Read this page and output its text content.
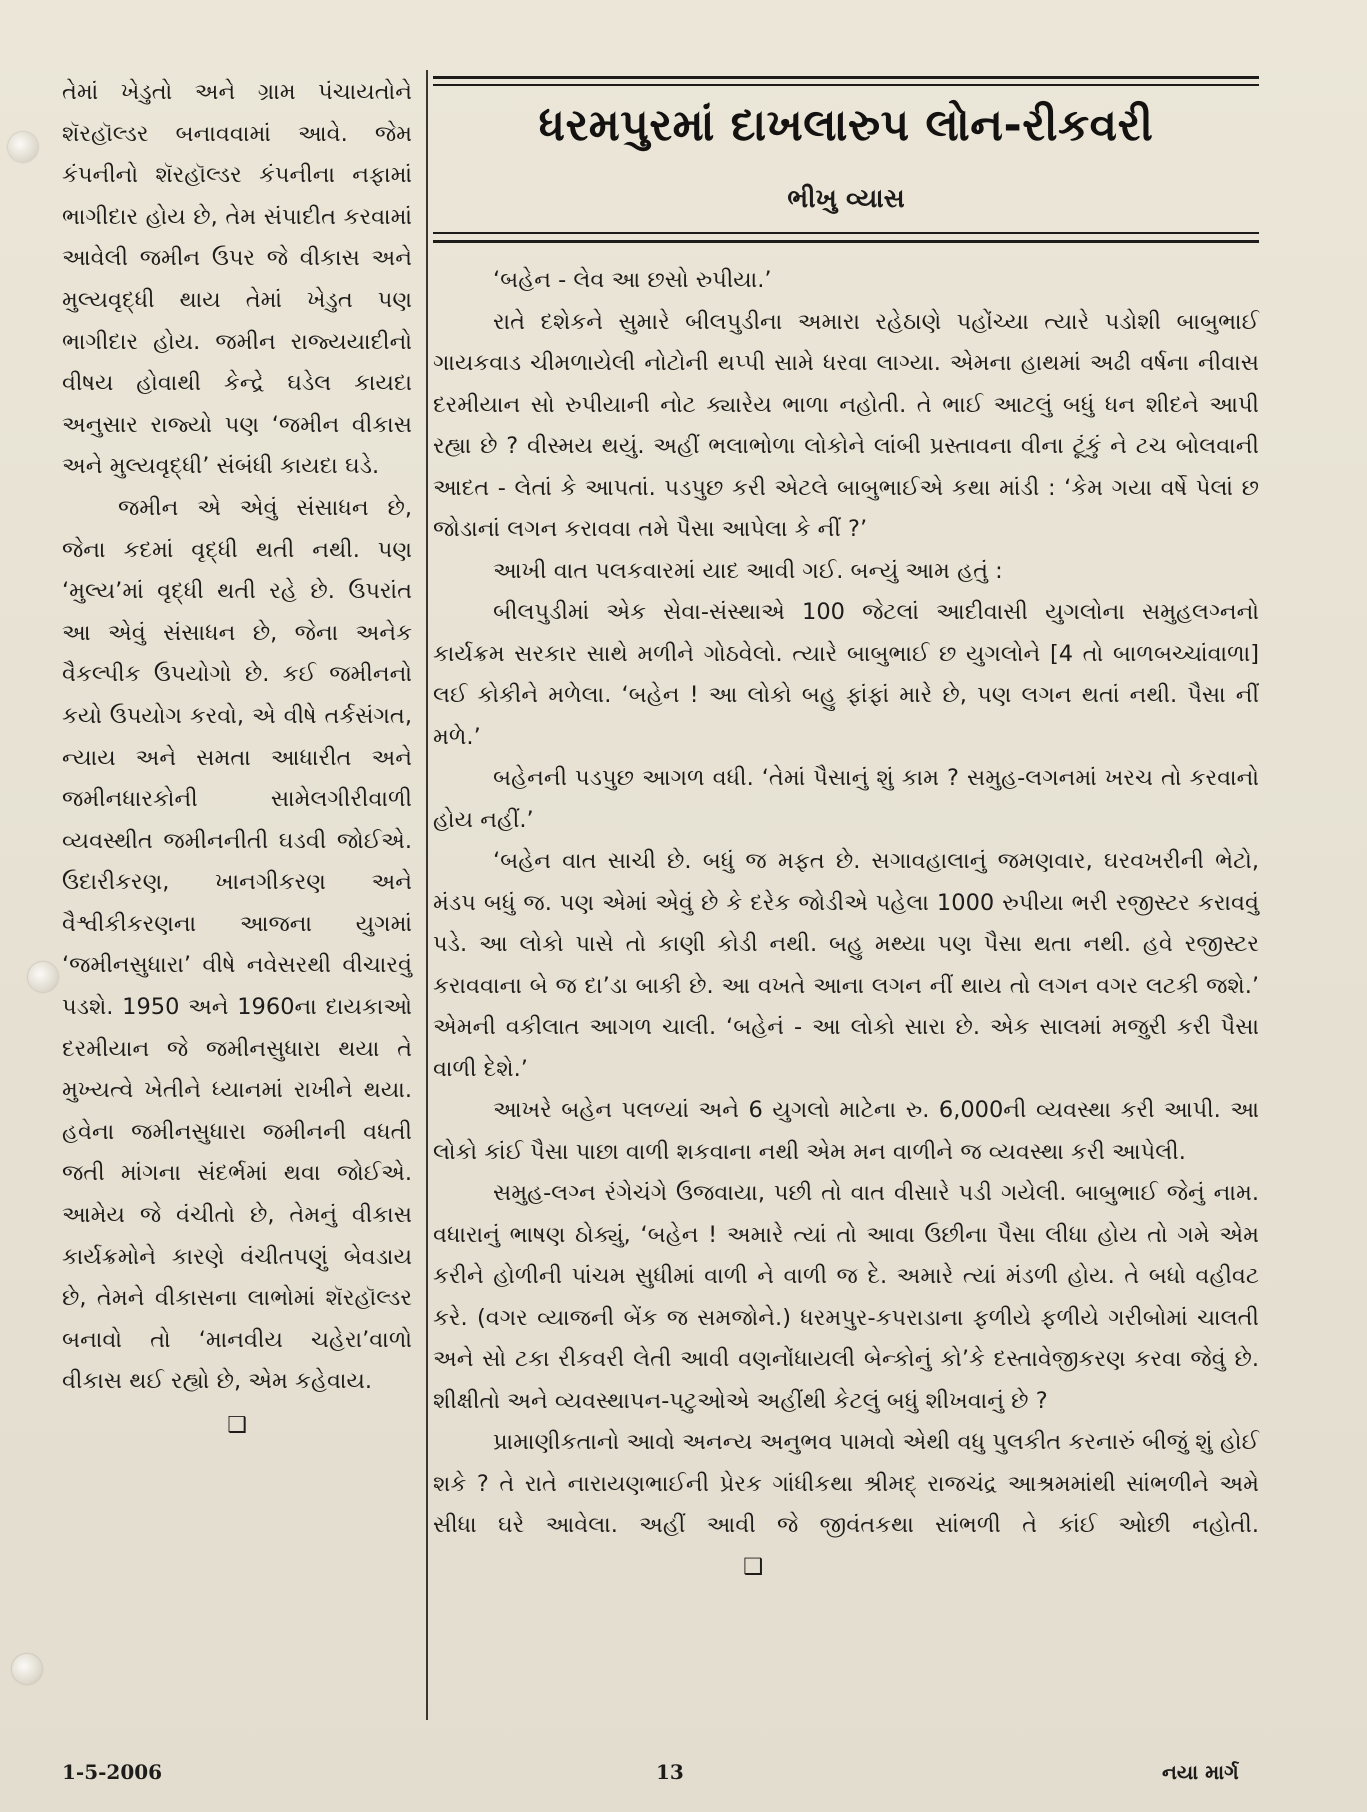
તેમાં ખેડુતો અને ગ્રામ પંચાયતોને શૅરહૉલ્ડર બનાવવામાં આવે. જેમ કંપનીનો શૅરહૉલ્ડર કંપનીના નફામાં ભાગીદાર હોય છે, તેમ સંપાદીત કરવામાં આવેલી જમીન ઉપર જે વીકાસ અને મુલ્યવૃદ્ધી થાય તેમાં ખેડુત પણ ભાગીદાર હોય. જમીન રાજ્યયાદીનો વીષય હોવાથી કેન્દ્રે ઘડેલ કાયદા અનુસાર રાજ્યો પણ ‘જમીન વીકાસ અને મુલ્યવૃદ્ધી’ સંબંધી કાયદા ઘડે.

જમીન એ એવું સંસાધન છે, જેના કદમાં વૃદ્ધી થતી નથી. પણ ‘મુલ્ય’માં વૃદ્ધી થતી રહે છે. ઉપરાંત આ એવું સંસાધન છે, જેના અનેક વૈકલ્પીક ઉપયોગો છે. કઈ જમીનનો કયો ઉપયોગ કરવો, એ વીષે તર્કસંગત, ન્યાય અને સમતા આધારીત અને જમીનધારકોની સામેલગીરીવાળી વ્યવસ્થીત જમીનનીતી ઘડવી જોઈએ. ઉદારીકરણ, ખાનગીકરણ અને વૈશ્વીકીકરણના આજના યુગમાં ‘જમીનસુધારા’ વીષે નવેસરથી વીચારવું પડશે. 1950 અને 1960ના દાયકાઓ દરમીયાન જે જમીનસુધારા થયા તે મુખ્યત્વે ખેતીને ધ્યાનમાં રાખીને થયા. હવેના જમીનસુધારા જમીનની વધતી જતી માંગના સંદર્ભમાં થવા જોઈએ. આમેય જે વંચીતો છે, તેમનું વીકાસ કાર્યક્રમોને કારણે વંચીતપણું બેવડાય છે, તેમને વીકાસના લાભોમાં શૅરહૉલ્ડર બનાવો તો ‘માનવીય ચહેરા’વાળો વીકાસ થઈ રહ્યો છે, એમ કહેવાય.

❑
ધરમપુરમાં દાખલારુપ લોન-રીકવરી
ભીખુ વ્યાસ

‘બહેન - લેવ આ છસો રુપીયા.’

રાતે દશેકને સુમારે બીલપુડીના અમારા રહેઠાણે પહોંચ્યા ત્યારે પડોશી બાબુભાઈ ગાયકવાડ ચીમળાયેલી નોટોની થપ્પી સામે ધરવા લાગ્યા. એમના હાથમાં અઢી વર્ષના નીવાસ દરમીયાન સો રુપીયાની નોટ ક્યારેય ભાળા નહોતી. તે ભાઈ આટલું બધું ધન શીદને આપી રહ્યા છે ? વીસ્મય થયું. અહીં ભલાભોળા લોકોને લાંબી પ્રસ્તાવના વીના ટૂંકું ને ટચ બોલવાની આદત - લેતાં કે આપતાં. પડપુછ કરી એટલે બાબુભાઈએ કથા માંડી : ‘કેમ ગયા વર્ષે પેલાં છ જોડાનાં લગન કરાવવા તમે પૈસા આપેલા કે નીં ?’

આખી વાત પલકવારમાં યાદ આવી ગઈ. બન્યું આમ હતું :

બીલપુડીમાં એક સેવા-સંસ્થાએ 100 જેટલાં આદીવાસી યુગલોના સમુહલગ્નનો કાર્યક્રમ સરકાર સાથે મળીને ગોઠવેલો. ત્યારે બાબુભાઈ છ યુગલોને [4 તો બાળબચ્ચાંવાળા] લઈ કોકીને મળેલા. ‘બહેન ! આ લોકો બહુ ફાંફાં મારે છે, પણ લગન થતાં નથી. પૈસા નીં મળે.’

બહેનની પડપુછ આગળ વધી. ‘તેમાં પૈસાનું શું કામ ? સમુહ-લગનમાં ખરચ તો કરવાનો હોય નહીં.’

‘બહેન વાત સાચી છે. બધું જ મફત છે. સગાવહાલાનું જમણવાર, ઘરવખરીની ભેટો, મંડપ બધું જ. પણ એમાં એવું છે કે દરેક જોડીએ પહેલા 1000 રુપીયા ભરી રજીસ્ટર કરાવવું પડે. આ લોકો પાસે તો કાણી કોડી નથી. બહુ મથ્યા પણ પૈસા થતા નથી. હવે રજીસ્ટર કરાવવાના બે જ દા’ડા બાકી છે. આ વખતે આના લગન નીં થાય તો લગન વગર લટકી જશે.’ એમની વકીલાત આગળ ચાલી. ‘બહેનં - આ લોકો સારા છે. એક સાલમાં મજુરી કરી પૈસા વાળી દેશે.’

આખરે બહેન પલળ્યાં અને 6 યુગલો માટેના રુ. 6,000ની વ્યવસ્થા કરી આપી. આ લોકો કાંઈ પૈસા પાછા વાળી શકવાના નથી એમ મન વાળીને જ વ્યવસ્થા કરી આપેલી.

સમુહ-લગ્ન રંગેચંગે ઉજવાયા, પછી તો વાત વીસારે પડી ગયેલી. બાબુભાઈ જેનું નામ. વધારાનું ભાષણ ઠોક્યું, ‘બહેન ! અમારે ત્યાં તો આવા ઉછીના પૈસા લીધા હોય તો ગમે એમ કરીને હોળીની પાંચમ સુધીમાં વાળી ને વાળી જ દે. અમારે ત્યાં મંડળી હોય. તે બધો વહીવટ કરે. (વગર વ્યાજની બેંક જ સમજોને.) ધરમપુર-કપરાડાના ફળીયે ફળીયે ગરીબોમાં ચાલતી અને સો ટકા રીકવરી લેતી આવી વણનોંધાયલી બેન્કોનું કો’કે દસ્તાવેજીકરણ કરવા જેવું છે. શીક્ષીતો અને વ્યવસ્થાપન-પટુઓએ અહીંથી કેટલું બધું શીખવાનું છે ?

પ્રામાણીકતાનો આવો અનન્ય અનુભવ પામવો એથી વધુ પુલકીત કરનારું બીજું શું હોઈ શકે ? તે રાતે નારાયણભાઈની પ્રેરક ગાંધીકથા શ્રીમદ્ રાજચંદ્ર આશ્રમમાંથી સાંભળીને અમે સીધા ઘરે આવેલા. અહીં આવી જે જીવંતકથા સાંભળી તે કાંઈ ઓછી નહોતી.❑

1-5-2006	13	નયા માર્ગ
